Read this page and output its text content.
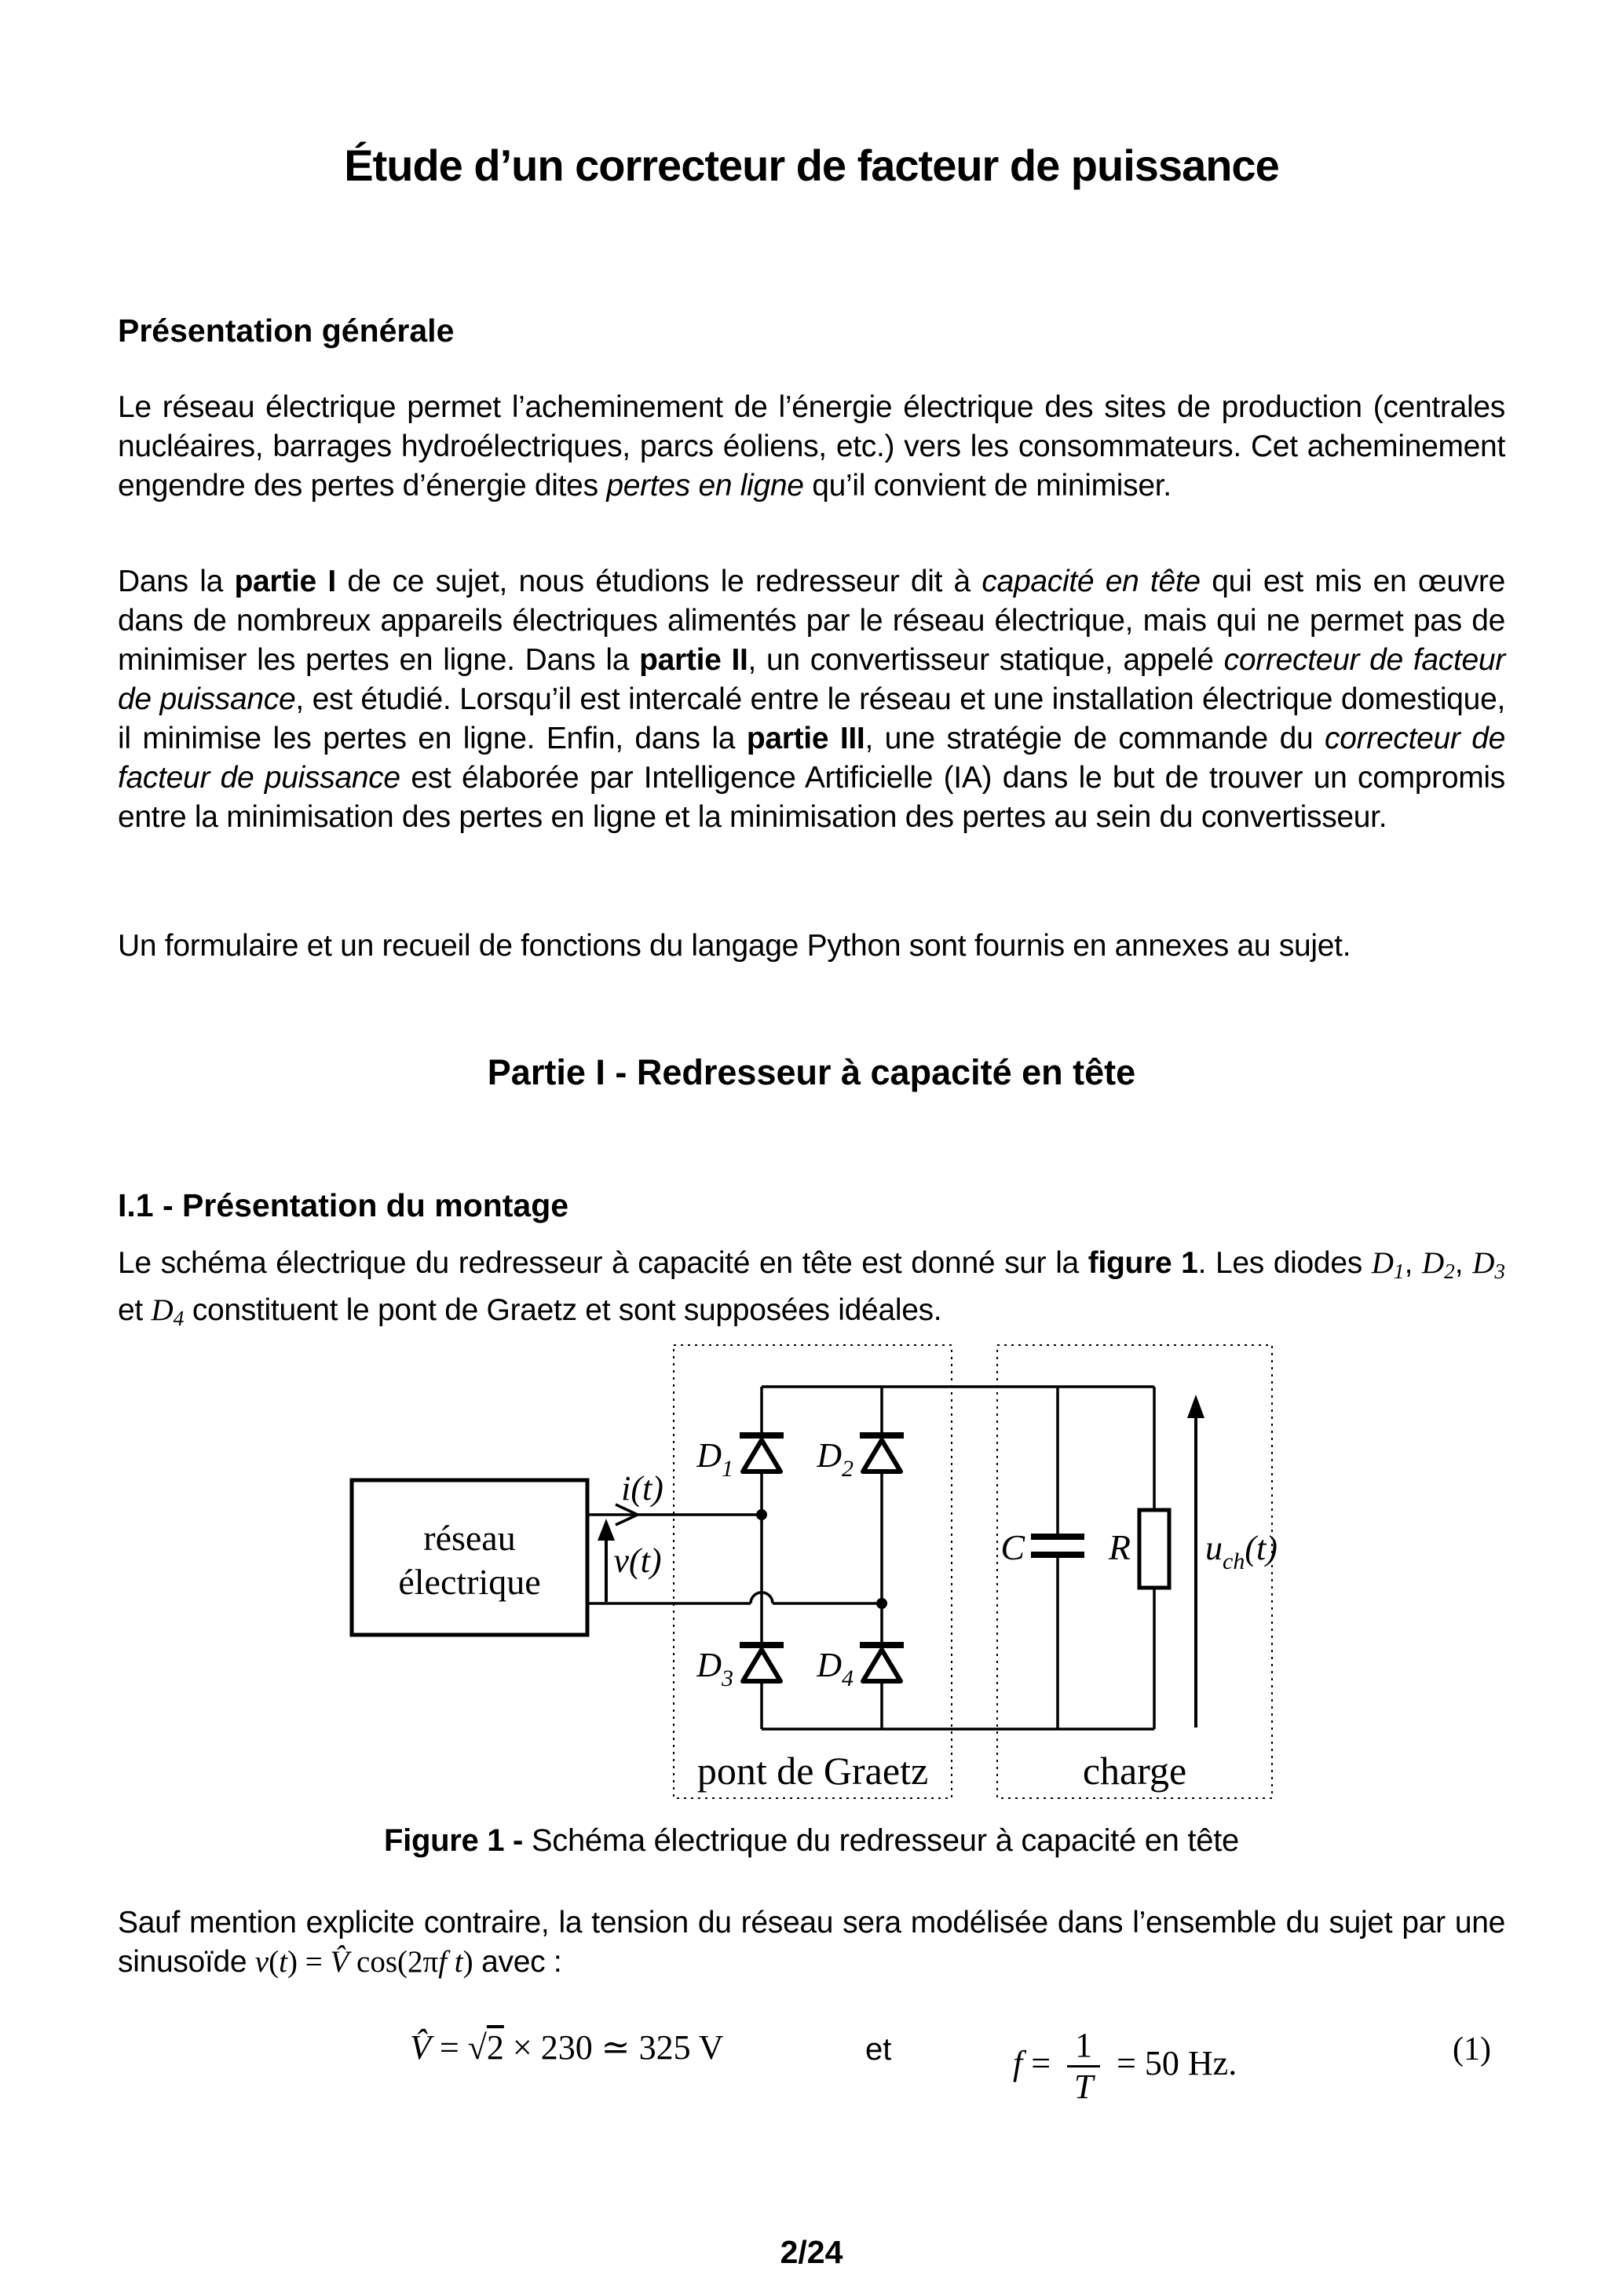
Étude d’un correcteur de facteur de puissance
Présentation générale
Le réseau électrique permet l’acheminement de l’énergie électrique des sites de production (centrales nucléaires, barrages hydroélectriques, parcs éoliens, etc.) vers les consommateurs. Cet acheminement engendre des pertes d’énergie dites pertes en ligne qu’il convient de minimiser.
Dans la partie I de ce sujet, nous étudions le redresseur dit à capacité en tête qui est mis en œuvre dans de nombreux appareils électriques alimentés par le réseau électrique, mais qui ne permet pas de minimiser les pertes en ligne. Dans la partie II, un convertisseur statique, appelé correcteur de facteur de puissance, est étudié. Lorsqu’il est intercalé entre le réseau et une installation électrique domestique, il minimise les pertes en ligne. Enfin, dans la partie III, une stratégie de commande du correcteur de facteur de puissance est élaborée par Intelligence Artificielle (IA) dans le but de trouver un compromis entre la minimisation des pertes en ligne et la minimisation des pertes au sein du convertisseur.
Un formulaire et un recueil de fonctions du langage Python sont fournis en annexes au sujet.
Partie I - Redresseur à capacité en tête
I.1 - Présentation du montage
Le schéma électrique du redresseur à capacité en tête est donné sur la figure 1. Les diodes D1, D2, D3 et D4 constituent le pont de Graetz et sont supposées idéales.
réseau
électrique
i(t)
v(t)
$D_1$ $D_2$
$D_3$ $D_4$
C R $u_{ch}(t)$
pont de Graetz	charge
Figure 1 - Schéma électrique du redresseur à capacité en tête
Sauf mention explicite contraire, la tension du réseau sera modélisée dans l’ensemble du sujet par une sinusoïde v(t) = V̂ cos(2πf t) avec :
V̂ = √2 × 230 ≃ 325 V	et	$f = \frac{1}{T} = 50$ Hz.	(1)
2/24
